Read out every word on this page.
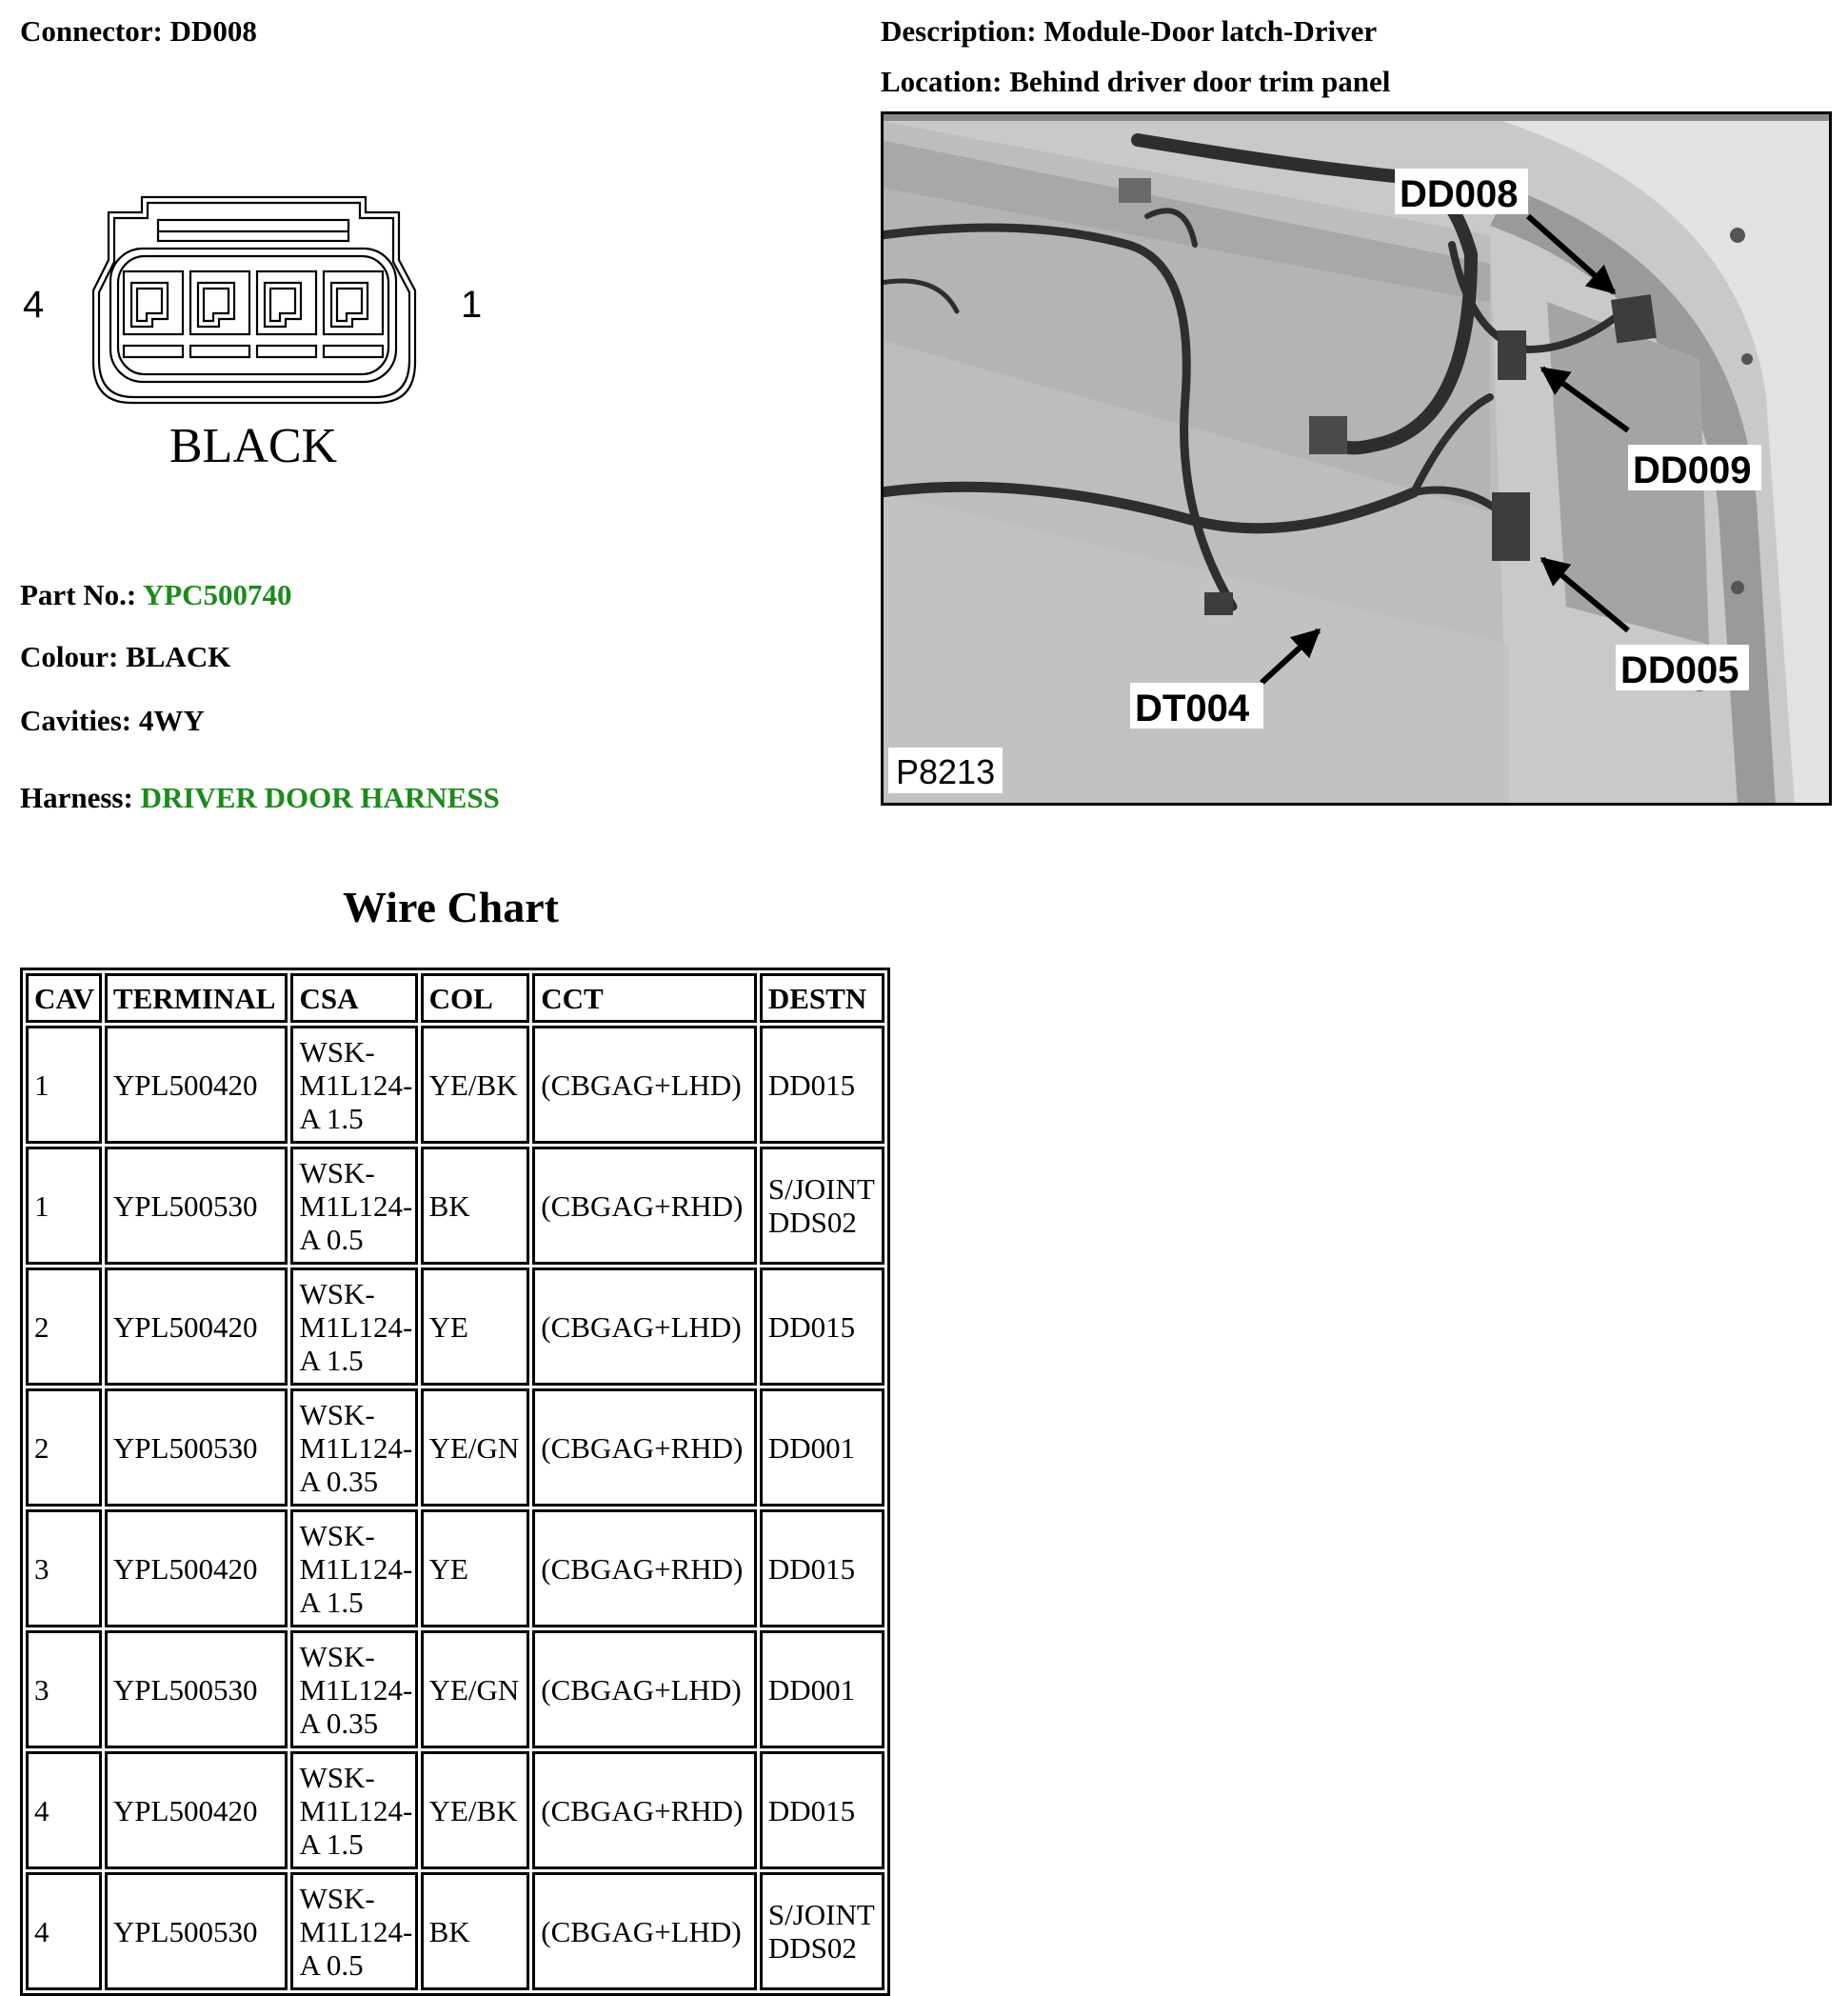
Connector: DD008	Description: Module-Door latch-Driver
Location: Behind driver door trim panel
4	1
BLACK
Part No.: YPC500740
Colour: BLACK
Cavities: 4WY
Harness: DRIVER DOOR HARNESS
DD008
DD009
DD005
DT004
P8213
Wire Chart
CAV	TERMINAL	CSA	COL	CCT	DESTN
1	YPL500420	WSK-
M1L124-
A 1.5	YE/BK	(CBGAG+LHD)	DD015
1	YPL500530	WSK-
M1L124-
A 0.5	BK	(CBGAG+RHD)	S/JOINT
DDS02
2	YPL500420	WSK-
M1L124-
A 1.5	YE	(CBGAG+LHD)	DD015
2	YPL500530	WSK-
M1L124-
A 0.35	YE/GN	(CBGAG+RHD)	DD001
3	YPL500420	WSK-
M1L124-
A 1.5	YE	(CBGAG+RHD)	DD015
3	YPL500530	WSK-
M1L124-
A 0.35	YE/GN	(CBGAG+LHD)	DD001
4	YPL500420	WSK-
M1L124-
A 1.5	YE/BK	(CBGAG+RHD)	DD015
4	YPL500530	WSK-
M1L124-
A 0.5	BK	(CBGAG+LHD)	S/JOINT
DDS02
